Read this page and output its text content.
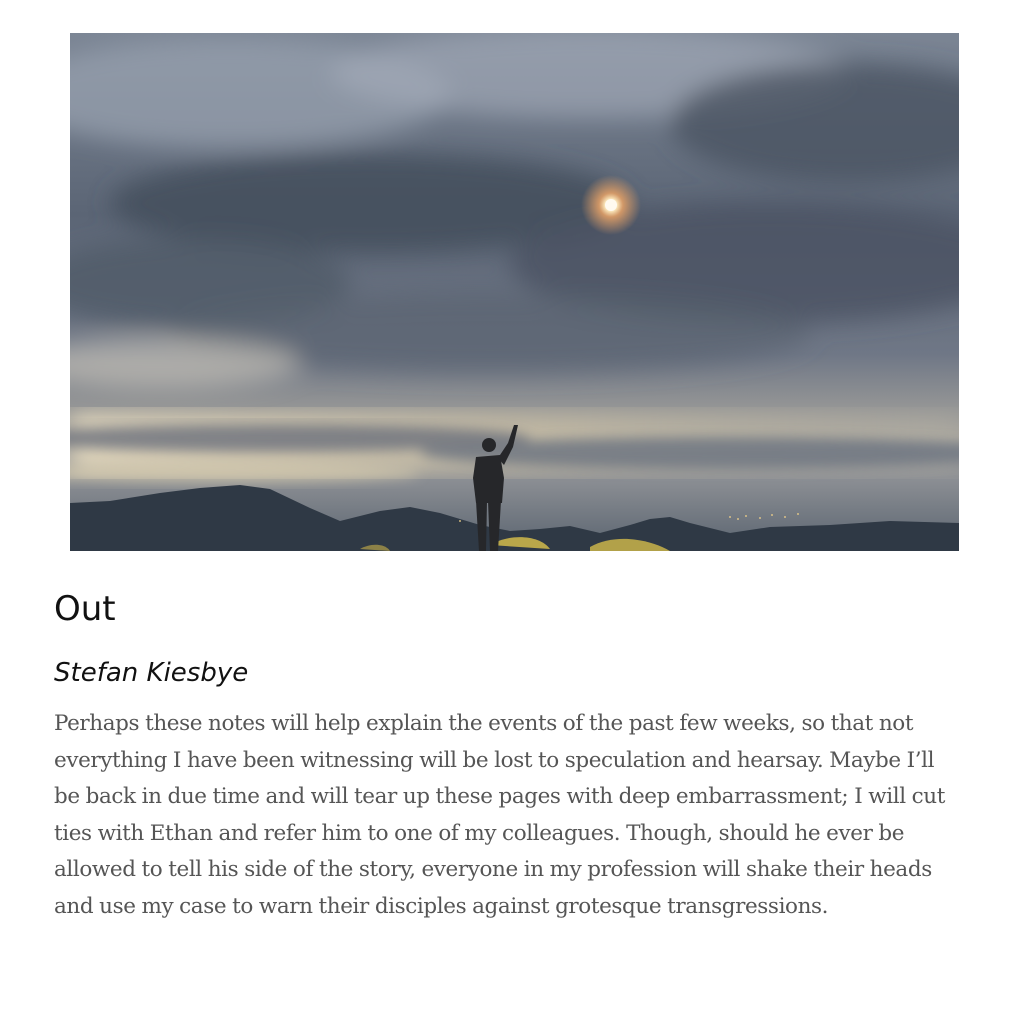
Out
Stefan Kiesbye

Perhaps these notes will help explain the events of the past few weeks, so that not everything I have been witnessing will be lost to speculation and hearsay. Maybe I’ll be back in due time and will tear up these pages with deep embarrassment; I will cut ties with Ethan and refer him to one of my colleagues. Though, should he ever be allowed to tell his side of the story, everyone in my profession will shake their heads and use my case to warn their disciples against grotesque transgressions.
